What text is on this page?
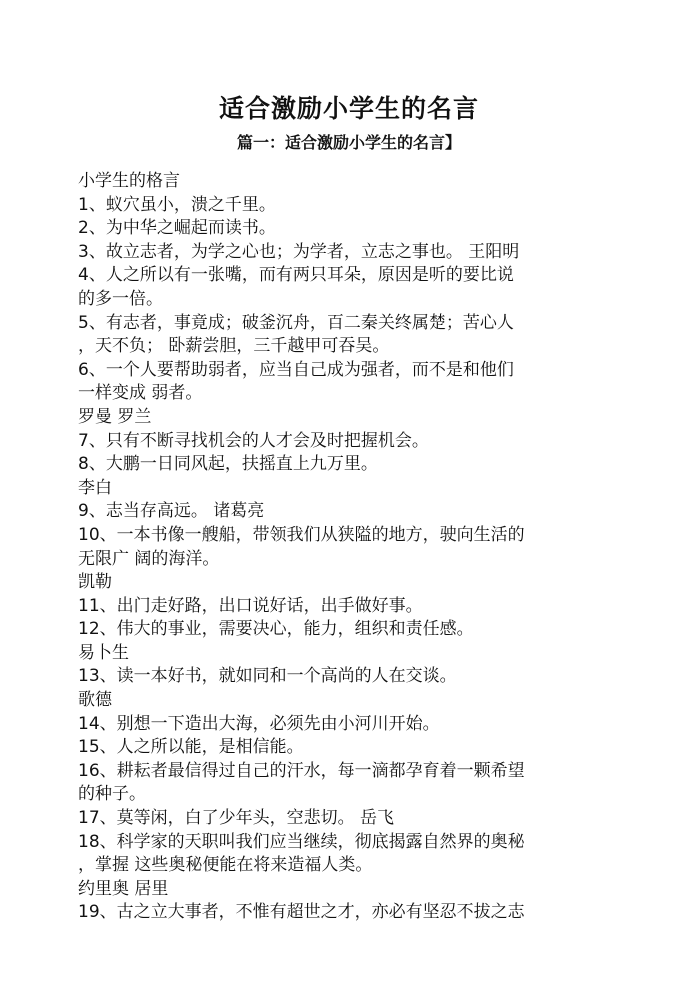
适合激励小学生的名言
篇一：适合激励小学生的名言】
小学生的格言
1、蚁穴虽小，溃之千里。
2、为中华之崛起而读书。
3、故立志者，为学之心也；为学者，立志之事也。 王阳明
4、人之所以有一张嘴，而有两只耳朵，原因是听的要比说
的多一倍。
5、有志者，事竟成；破釜沉舟，百二秦关终属楚；苦心人
，天不负； 卧薪尝胆，三千越甲可吞吴。
6、一个人要帮助弱者，应当自己成为强者，而不是和他们
一样变成 弱者。
罗曼 罗兰
7、只有不断寻找机会的人才会及时把握机会。
8、大鹏一日同风起，扶摇直上九万里。
李白
9、志当存高远。 诸葛亮
10、一本书像一艘船，带领我们从狭隘的地方，驶向生活的
无限广 阔的海洋。
凯勒
11、出门走好路，出口说好话，出手做好事。
12、伟大的事业，需要决心，能力，组织和责任感。
易卜生
13、读一本好书，就如同和一个高尚的人在交谈。
歌德
14、别想一下造出大海，必须先由小河川开始。
15、人之所以能，是相信能。
16、耕耘者最信得过自己的汗水，每一滴都孕育着一颗希望
的种子。
17、莫等闲，白了少年头，空悲切。 岳飞
18、科学家的天职叫我们应当继续，彻底揭露自然界的奥秘
，掌握 这些奥秘便能在将来造福人类。
约里奥 居里
19、古之立大事者，不惟有超世之才，亦必有坚忍不拔之志
